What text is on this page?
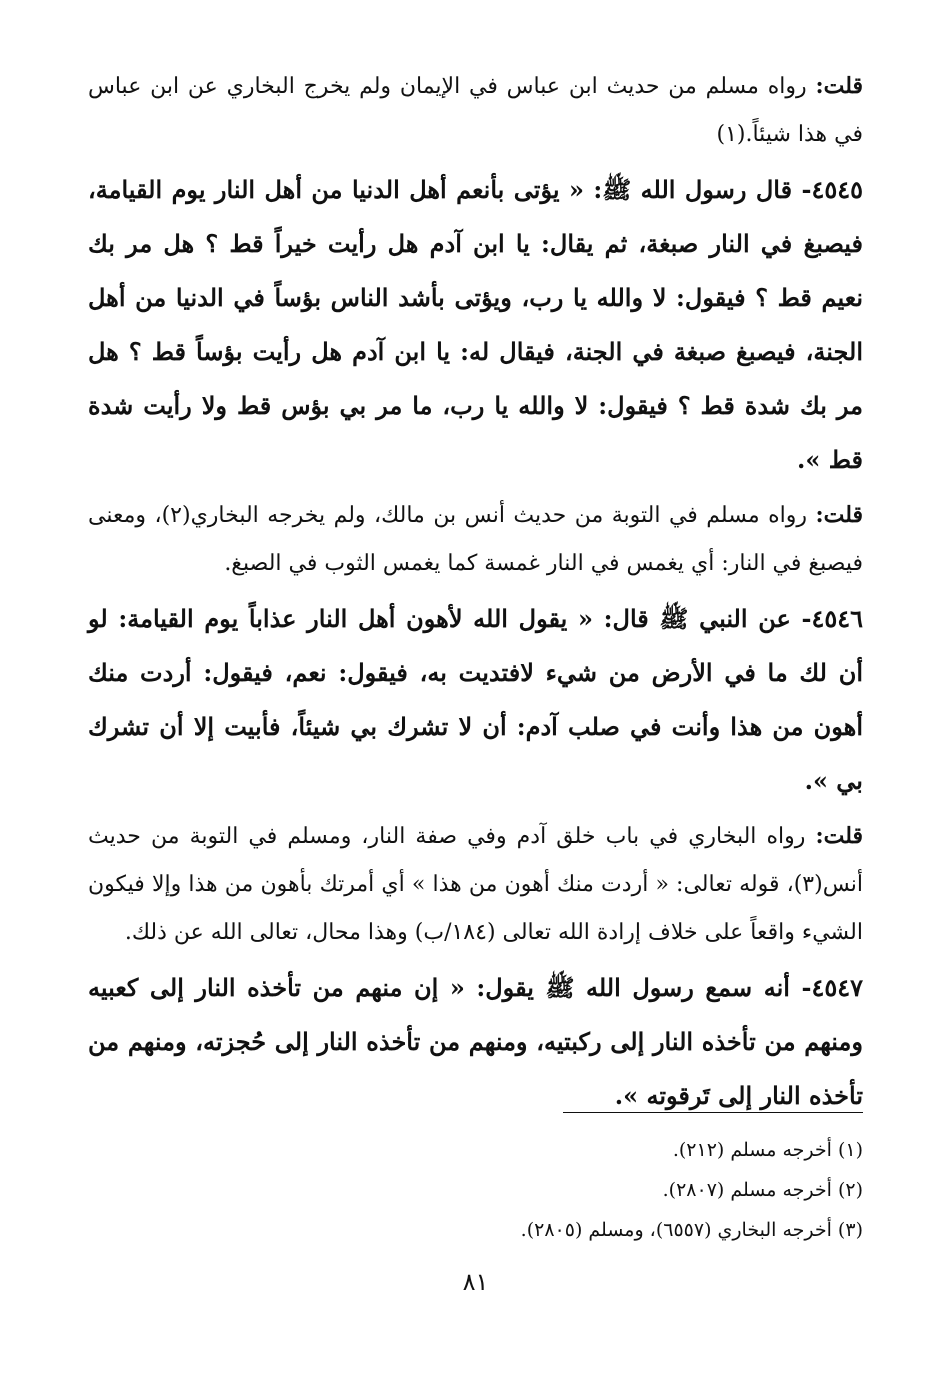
قلت: رواه مسلم من حديث ابن عباس في الإيمان ولم يخرج البخاري عن ابن عباس في هذا شيئاً.(١)

٤٥٤٥- قال رسول الله ﷺ: « يؤتى بأنعم أهل الدنيا من أهل النار يوم القيامة، فيصبغ في النار صبغة، ثم يقال: يا ابن آدم هل رأيت خيراً قط ؟ هل مر بك نعيم قط ؟ فيقول: لا والله يا رب، ويؤتى بأشد الناس بؤساً في الدنيا من أهل الجنة، فيصبغ صبغة في الجنة، فيقال له: يا ابن آدم هل رأيت بؤساً قط ؟ هل مر بك شدة قط ؟ فيقول: لا والله يا رب، ما مر بي بؤس قط ولا رأيت شدة قط ».

قلت: رواه مسلم في التوبة من حديث أنس بن مالك، ولم يخرجه البخاري(٢)، ومعنى فيصبغ في النار: أي يغمس في النار غمسة كما يغمس الثوب في الصبغ.

٤٥٤٦- عن النبي ﷺ قال: « يقول الله لأهون أهل النار عذاباً يوم القيامة: لو أن لك ما في الأرض من شيء لافتديت به، فيقول: نعم، فيقول: أردت منك أهون من هذا وأنت في صلب آدم: أن لا تشرك بي شيئاً، فأبيت إلا أن تشرك بي ».

قلت: رواه البخاري في باب خلق آدم وفي صفة النار، ومسلم في التوبة من حديث أنس(٣)، قوله تعالى: « أردت منك أهون من هذا » أي أمرتك بأهون من هذا وإلا فيكون الشيء واقعاً على خلاف إرادة الله تعالى (١٨٤/ب) وهذا محال، تعالى الله عن ذلك.

٤٥٤٧- أنه سمع رسول الله ﷺ يقول: « إن منهم من تأخذه النار إلى كعبيه ومنهم من تأخذه النار إلى ركبتيه، ومنهم من تأخذه النار إلى حُجزته، ومنهم من تأخذه النار إلى تَرقوته ».

(١) أخرجه مسلم (٢١٢).

(٢) أخرجه مسلم (٢٨٠٧).

(٣) أخرجه البخاري (٦٥٥٧)، ومسلم (٢٨٠٥).

٨١
